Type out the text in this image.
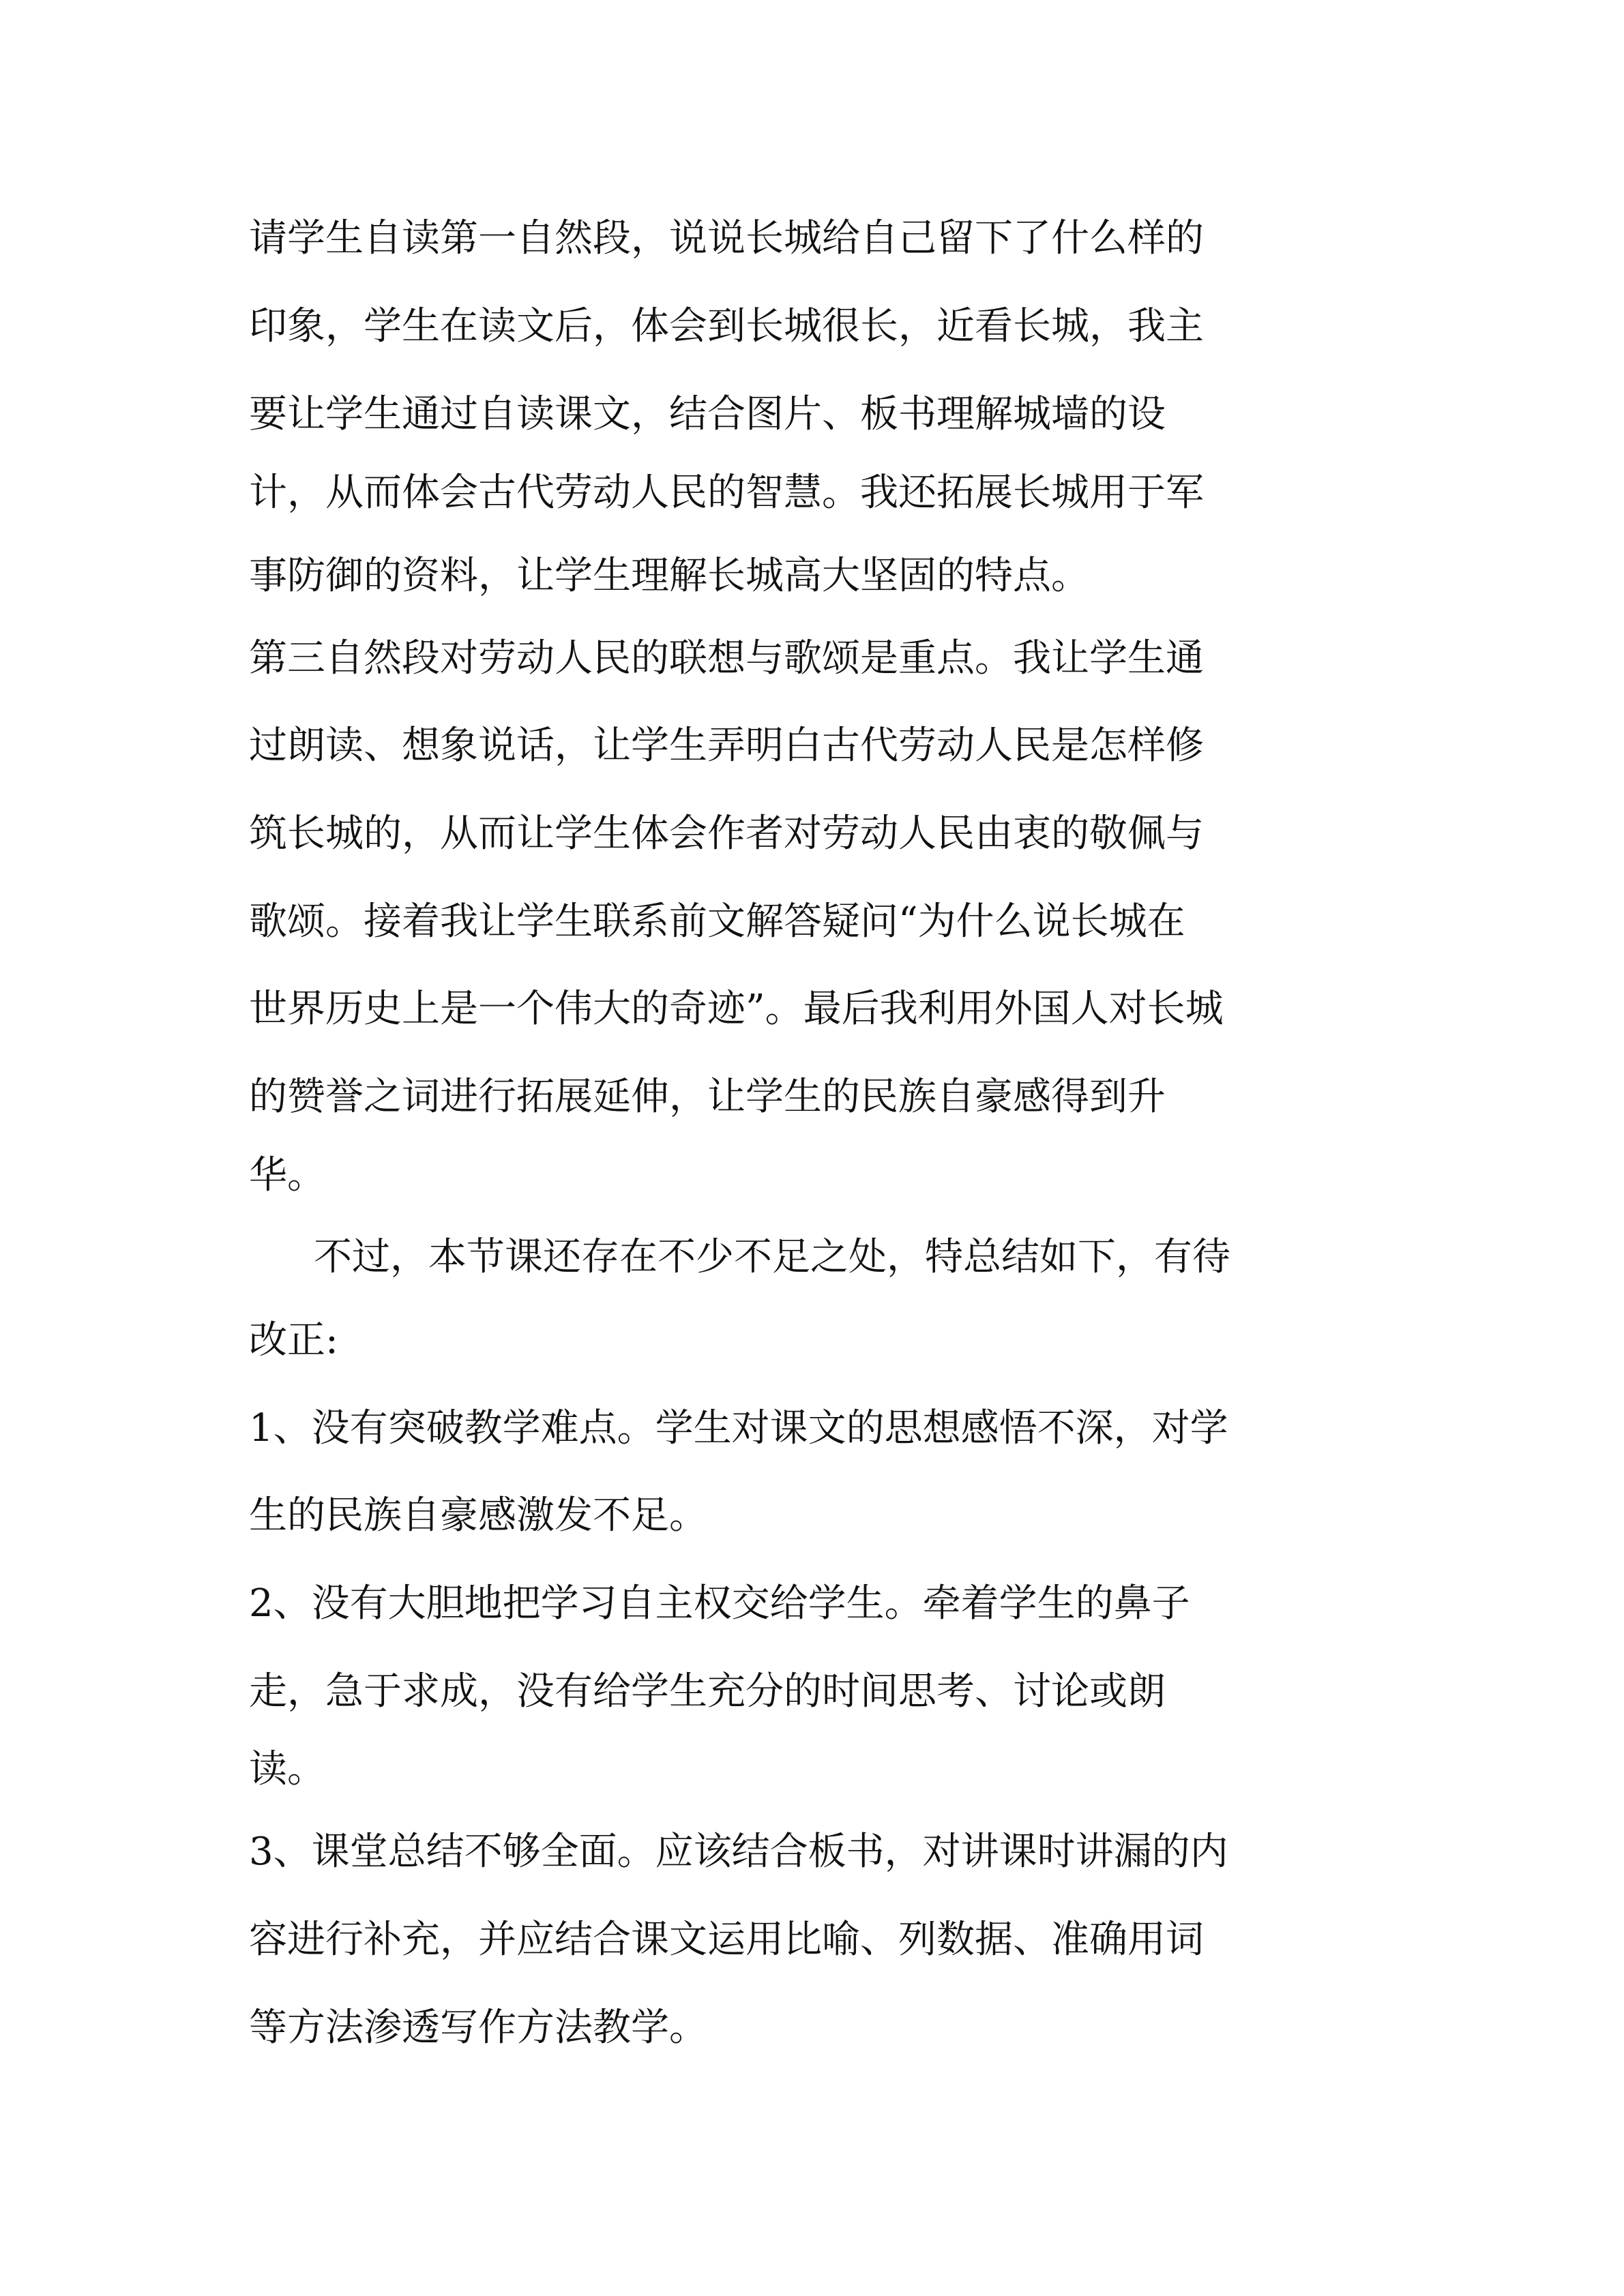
请学生自读第一自然段，说说长城给自己留下了什么样的

印象，学生在读文后，体会到长城很长，近看长城，我主

要让学生通过自读课文，结合图片、板书理解城墙的设

计，从而体会古代劳动人民的智慧。我还拓展长城用于军

事防御的资料，让学生理解长城高大坚固的特点。

第三自然段对劳动人民的联想与歌颂是重点。我让学生通

过朗读、想象说话，让学生弄明白古代劳动人民是怎样修

筑长城的，从而让学生体会作者对劳动人民由衷的敬佩与

歌颂。接着我让学生联系前文解答疑问“为什么说长城在

世界历史上是一个伟大的奇迹”。最后我利用外国人对长城

的赞誉之词进行拓展延伸，让学生的民族自豪感得到升

华。

不过，本节课还存在不少不足之处，特总结如下，有待

改正:

1、没有突破教学难点。学生对课文的思想感悟不深，对学

生的民族自豪感激发不足。

2、没有大胆地把学习自主权交给学生。牵着学生的鼻子

走，急于求成，没有给学生充分的时间思考、讨论或朗

读。

3、课堂总结不够全面。应该结合板书，对讲课时讲漏的内

容进行补充，并应结合课文运用比喻、列数据、准确用词

等方法渗透写作方法教学。
